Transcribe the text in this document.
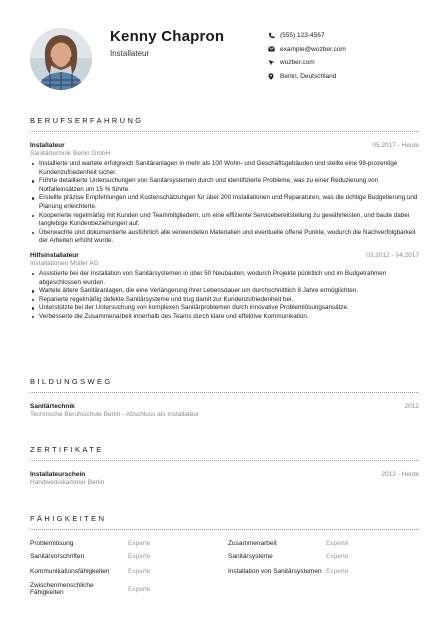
Kenny Chapron
Installateur
(555) 123-4567
example@wozber.com
wozber.com
Berlin, Deutschland
BERUFSERFAHRUNG
Installateur	05.2017 - Heute
Sanitärtechnik Berlin GmbH
Installierte und wartete erfolgreich Sanitäranlagen in mehr als 100 Wohn- und Geschäftsgebäuden und stellte eine 98-prozentige Kundenzufriedenheit sicher.
Führte detaillierte Untersuchungen von Sanitärsystemen durch und identifizierte Probleme, was zu einer Reduzierung von Notfalleinsätzen um 15 % führte.
Erstellte präzise Empfehlungen und Kostenschätzungen für über 200 Installationen und Reparaturen, was die richtige Budgetierung und Planung erleichterte.
Kooperierte regelmäßig mit Kunden und Teammitgliedern, um eine effiziente Servicebereitstellung zu gewährleisten, und baute dabei langlebige Kundenbeziehungen auf.
Überwachte und dokumentierte ausführlich alle verwendeten Materialien und eventuelle offene Punkte, wodurch die Nachverfolgbarkeit der Arbeiten erhöht wurde.
Hilfsinstallateur	03.2012 - 04.2017
Installationen Müller AG
Assistierte bei der Installation von Sanitärsystemen in über 50 Neubauten, wodurch Projekte pünktlich und im Budgetrahmen abgeschlossen wurden.
Wartete ältere Sanitäranlagen, die eine Verlängerung ihrer Lebensdauer um durchschnittlich 8 Jahre ermöglichten.
Reparierte regelmäßig defekte Sanitärsysteme und trug damit zur Kundenzufriedenheit bei.
Unterstützte bei der Untersuchung von komplexen Sanitärproblemen durch innovative Problemlösungsansätze.
Verbesserte die Zusammenarbeit innerhalb des Teams durch klare und effektive Kommunikation.
BILDUNGSWEG
Sanitärtechnik	2012
Technische Berufsschule Berlin - Abschluss als Installateur
ZERTIFIKATE
Installateurschein	2012 - Heute
Handwerkskammer Berlin
FÄHIGKEITEN
Problemlösung	Experte	Zusammenarbeit	Experte
Sanitärvorschriften	Experte	Sanitärsysteme	Experte
Kommunikationsfähigkeiten	Experte	Installation von Sanitärsystemen Experte
Zwischenmenschliche Fähigkeiten	Experte
